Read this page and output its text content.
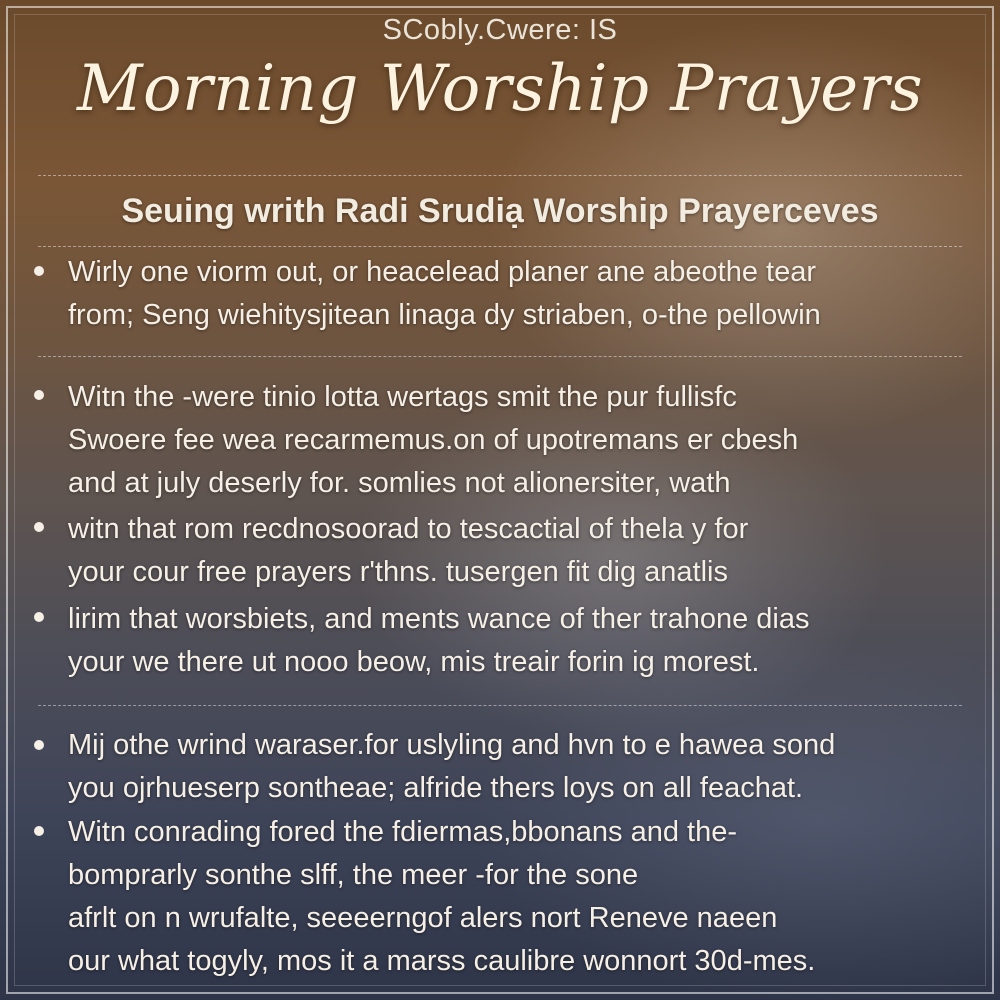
SCobly.Cwere: IS
Morning Worship Prayers
Seuing writh Radi Srudiạ Worship Prayerceves
Wirly one viorm out, or heacelead planer ane abeothe tear
from; Seng wiehitysjitean linaga dy striaben, o-the pellowin
Witn the -were tinio lotta wertags smit the pur fullisfc
Swoere fee wea recarmemus.on of upotremans er cbesh
and at july deserly for. somlies not alionersiter, wath
witn that rom recdnosoorad to tescactial of thela y for
your cour free prayers r'thns. tusergen fit dig anatlis
lirim that worsbiets, and ments wance of ther trahone dias
your we there ut nooo beow, mis treair forin ig morest.
Mij othe wrind waraser.for uslyling and hvn to e hawea sond
you ojrhueserp sontheae; alfride thers loys on all feachat.
Witn conrading fored the fdiermas,bbonans and the-
bomprarly sonthe slff, the meer -for the sone
afrlt on n wrufalte, seeeerngof alers nort Reneve naeen
our what togyly, mos it a marss caulibre wonnort 30d-mes.
